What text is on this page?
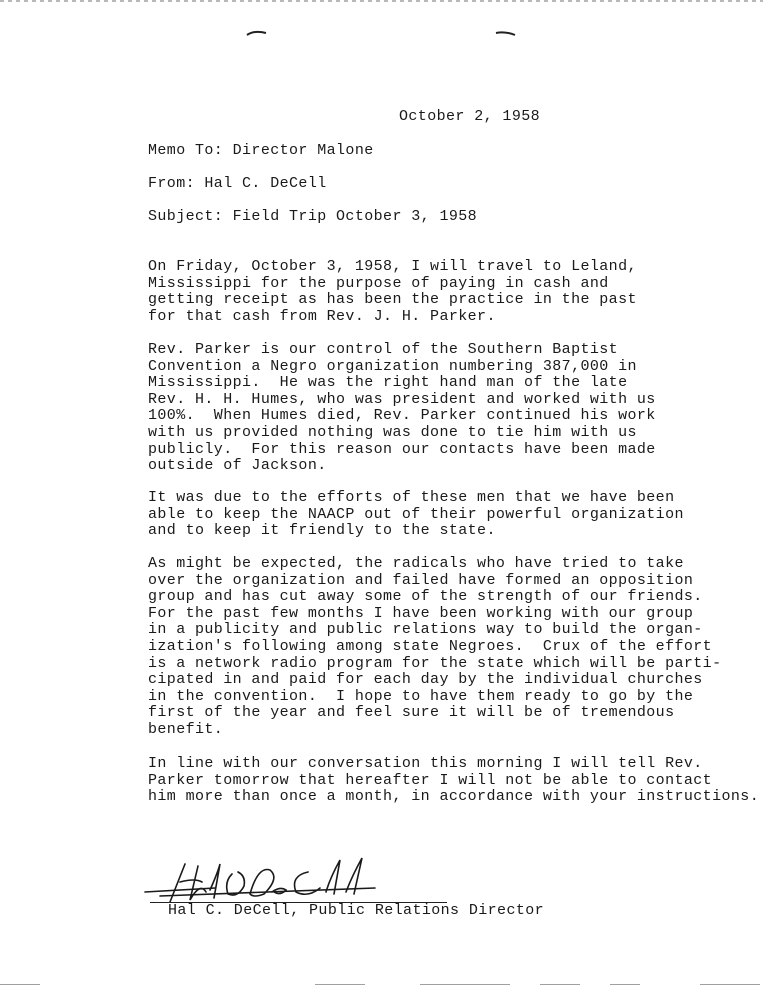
October 2, 1958
Memo To: Director Malone
From: Hal C. DeCell
Subject: Field Trip October 3, 1958

On Friday, October 3, 1958, I will travel to Leland,
Mississippi for the purpose of paying in cash and
getting receipt as has been the practice in the past
for that cash from Rev. J. H. Parker.

Rev. Parker is our control of the Southern Baptist
Convention a Negro organization numbering 387,000 in
Mississippi.  He was the right hand man of the late
Rev. H. H. Humes, who was president and worked with us
100%.  When Humes died, Rev. Parker continued his work
with us provided nothing was done to tie him with us
publicly.  For this reason our contacts have been made
outside of Jackson.

It was due to the efforts of these men that we have been
able to keep the NAACP out of their powerful organization
and to keep it friendly to the state.

As might be expected, the radicals who have tried to take
over the organization and failed have formed an opposition
group and has cut away some of the strength of our friends.
For the past few months I have been working with our group
in a publicity and public relations way to build the organ-
ization's following among state Negroes.  Crux of the effort
is a network radio program for the state which will be parti-
cipated in and paid for each day by the individual churches
in the convention.  I hope to have them ready to go by the
first of the year and feel sure it will be of tremendous
benefit.

In line with our conversation this morning I will tell Rev.
Parker tomorrow that hereafter I will not be able to contact
him more than once a month, in accordance with your instructions.

Hal C. DeCell, Public Relations Director
